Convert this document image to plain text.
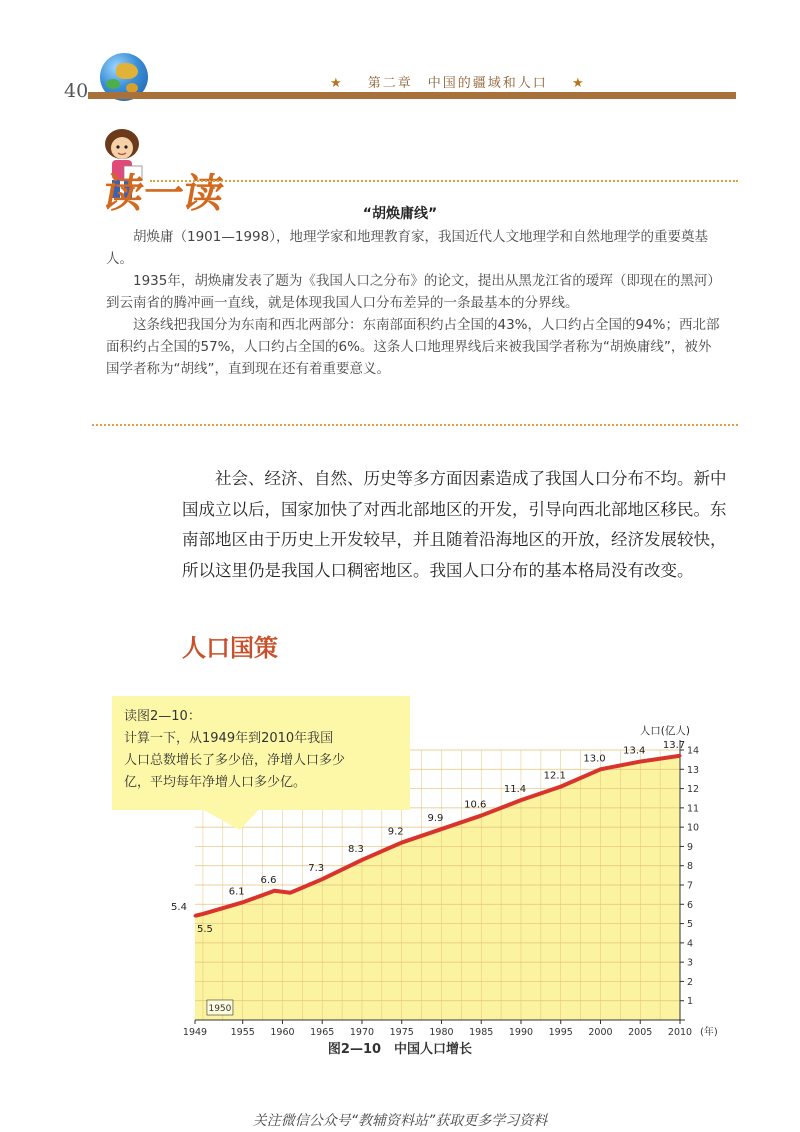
40	★ 第二章　中国的疆域和人口 ★
读一读	“胡焕庸线”

胡焕庸（1901—1998），地理学家和地理教育家，我国近代人文地理学和自然地理学的重要奠基人。

1935年，胡焕庸发表了题为《我国人口之分布》的论文，提出从黑龙江省的瑷珲（即现在的黑河）到云南省的腾冲画一直线，就是体现我国人口分布差异的一条最基本的分界线。

这条线把我国分为东南和西北两部分：东南部面积约占全国的43%，人口约占全国的94%；西北部面积约占全国的57%，人口约占全国的6%。这条人口地理界线后来被我国学者称为“胡焕庸线”，被外国学者称为“胡线”，直到现在还有着重要意义。

社会、经济、自然、历史等多方面因素造成了我国人口分布不均。新中国成立以后，国家加快了对西北部地区的开发，引导向西北部地区移民。东南部地区由于历史上开发较早，并且随着沿海地区的开放，经济发展较快，所以这里仍是我国人口稠密地区。我国人口分布的基本格局没有改变。
人口国策
5.4
5.5
6.1
6.6
7.3
8.3
9.2
9.9
10.6
11.4
12.1
13.0
13.4
13.7
1949 1955 1960 1965 1970 1975 1980 1985 1990 1995 2000 2005 2010
1
2
3
4
5
6
7
8
9
10
11
12
13
14
人口(亿人)
(年)
1950
读图2—10：
计算一下，从1949年到2010年我国
人口总数增长了多少倍，净增人口多少
亿，平均每年净增人口多少亿。
图2—10　中国人口增长
关注微信公众号“教辅资料站”获取更多学习资料
